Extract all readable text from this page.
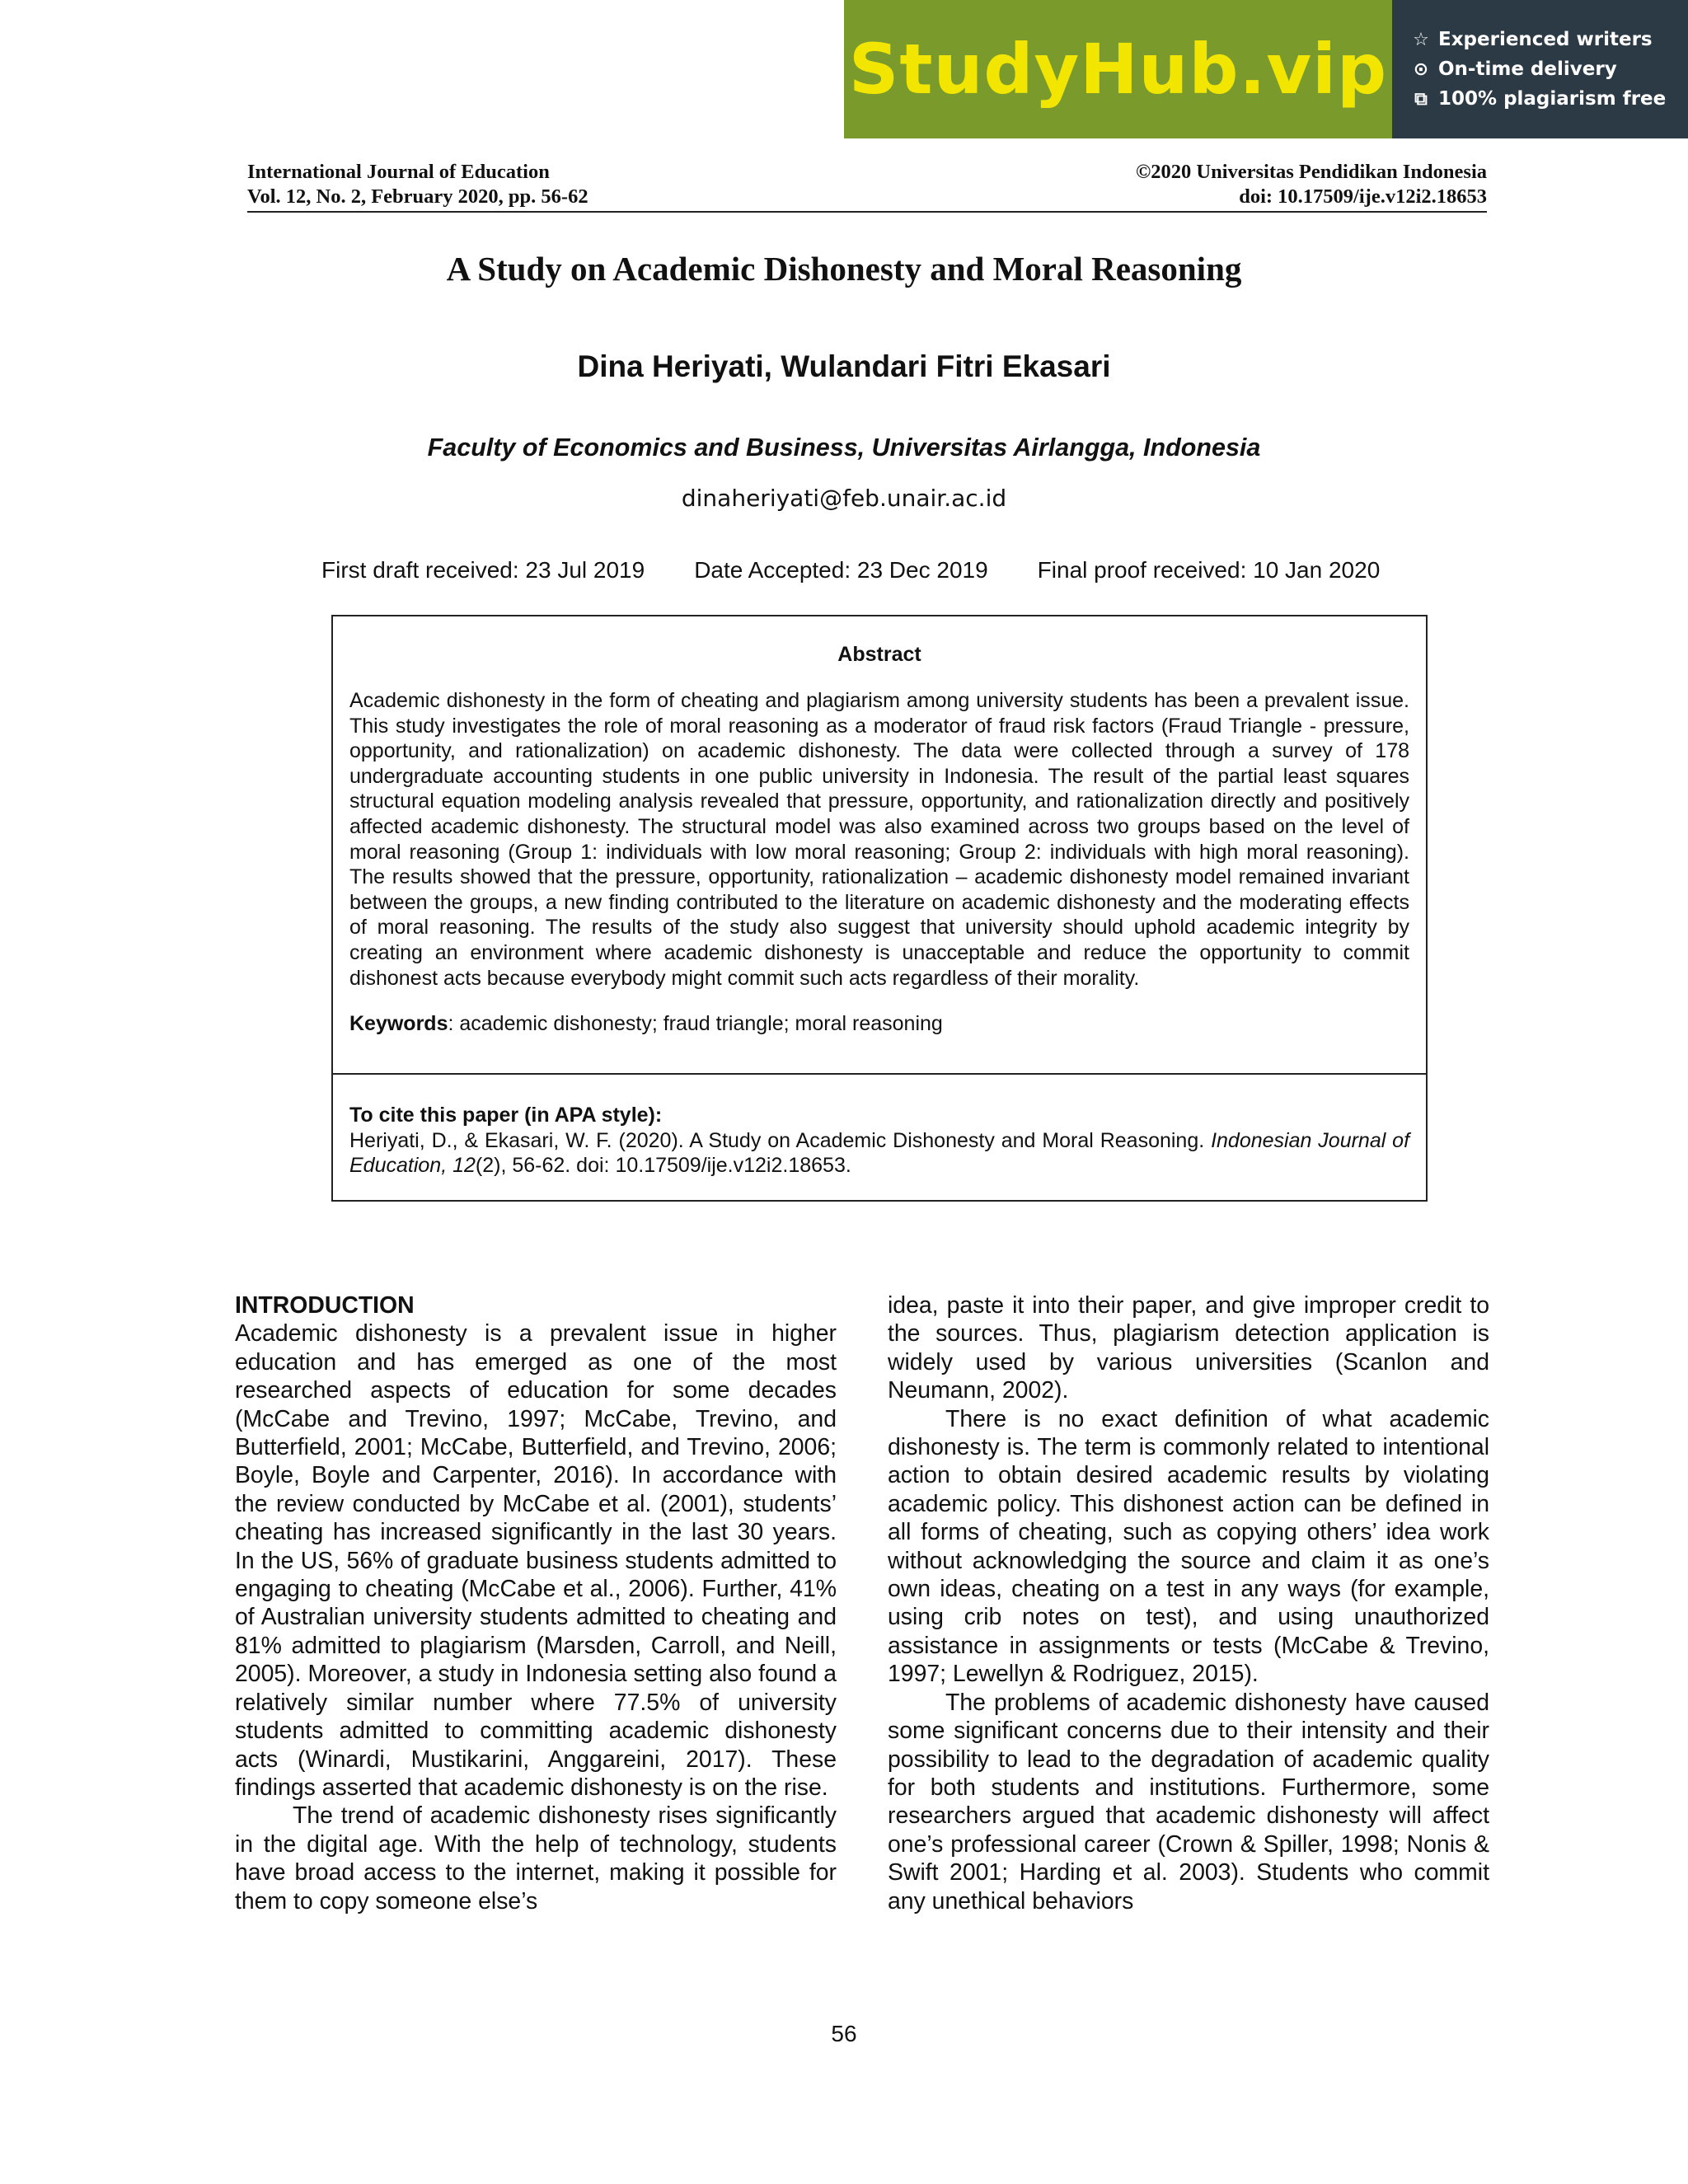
StudyHub.vip ☆ Experienced writers
⊙ On-time delivery
⧉ 100% plagiarism free
International Journal of Education	©2020 Universitas Pendidikan Indonesia
Vol. 12, No. 2, February 2020, pp. 56-62	doi: 10.17509/ije.v12i2.18653
A Study on Academic Dishonesty and Moral Reasoning
Dina Heriyati, Wulandari Fitri Ekasari
Faculty of Economics and Business, Universitas Airlangga, Indonesia
dinaheriyati@feb.unair.ac.id
First draft received: 23 Jul 2019 Date Accepted: 23 Dec 2019 Final proof received: 10 Jan 2020
Abstract
Academic dishonesty in the form of cheating and plagiarism among university students has been a prevalent issue. This study investigates the role of moral reasoning as a moderator of fraud risk factors (Fraud Triangle - pressure, opportunity, and rationalization) on academic dishonesty. The data were collected through a survey of 178 undergraduate accounting students in one public university in Indonesia. The result of the partial least squares structural equation modeling analysis revealed that pressure, opportunity, and rationalization directly and positively affected academic dishonesty. The structural model was also examined across two groups based on the level of moral reasoning (Group 1: individuals with low moral reasoning; Group 2: individuals with high moral reasoning). The results showed that the pressure, opportunity, rationalization – academic dishonesty model remained invariant between the groups, a new finding contributed to the literature on academic dishonesty and the moderating effects of moral reasoning. The results of the study also suggest that university should uphold academic integrity by creating an environment where academic dishonesty is unacceptable and reduce the opportunity to commit dishonest acts because everybody might commit such acts regardless of their morality.
Keywords: academic dishonesty; fraud triangle; moral reasoning
To cite this paper (in APA style):
Heriyati, D., & Ekasari, W. F. (2020). A Study on Academic Dishonesty and Moral Reasoning. Indonesian Journal of Education, 12(2), 56-62. doi: 10.17509/ije.v12i2.18653.

INTRODUCTION

Academic dishonesty is a prevalent issue in higher education and has emerged as one of the most researched aspects of education for some decades (McCabe and Trevino, 1997; McCabe, Trevino, and Butterfield, 2001; McCabe, Butterfield, and Trevino, 2006; Boyle, Boyle and Carpenter, 2016). In accordance with the review conducted by McCabe et al. (2001), students’ cheating has increased significantly in the last 30 years. In the US, 56% of graduate business students admitted to engaging to cheating (McCabe et al., 2006). Further, 41% of Australian university students admitted to cheating and 81% admitted to plagiarism (Marsden, Carroll, and Neill, 2005). Moreover, a study in Indonesia setting also found a relatively similar number where 77.5% of university students admitted to committing academic dishonesty acts (Winardi, Mustikarini, Anggareini, 2017). These findings asserted that academic dishonesty is on the rise.

The trend of academic dishonesty rises significantly in the digital age. With the help of technology, students have broad access to the internet, making it possible for them to copy someone else’s

idea, paste it into their paper, and give improper credit to the sources. Thus, plagiarism detection application is widely used by various universities (Scanlon and Neumann, 2002).

There is no exact definition of what academic dishonesty is. The term is commonly related to intentional action to obtain desired academic results by violating academic policy. This dishonest action can be defined in all forms of cheating, such as copying others’ idea work without acknowledging the source and claim it as one’s own ideas, cheating on a test in any ways (for example, using crib notes on test), and using unauthorized assistance in assignments or tests (McCabe & Trevino, 1997; Lewellyn & Rodriguez, 2015).

The problems of academic dishonesty have caused some significant concerns due to their intensity and their possibility to lead to the degradation of academic quality for both students and institutions. Furthermore, some researchers argued that academic dishonesty will affect one’s professional career (Crown & Spiller, 1998; Nonis & Swift 2001; Harding et al. 2003). Students who commit any unethical behaviors

56
